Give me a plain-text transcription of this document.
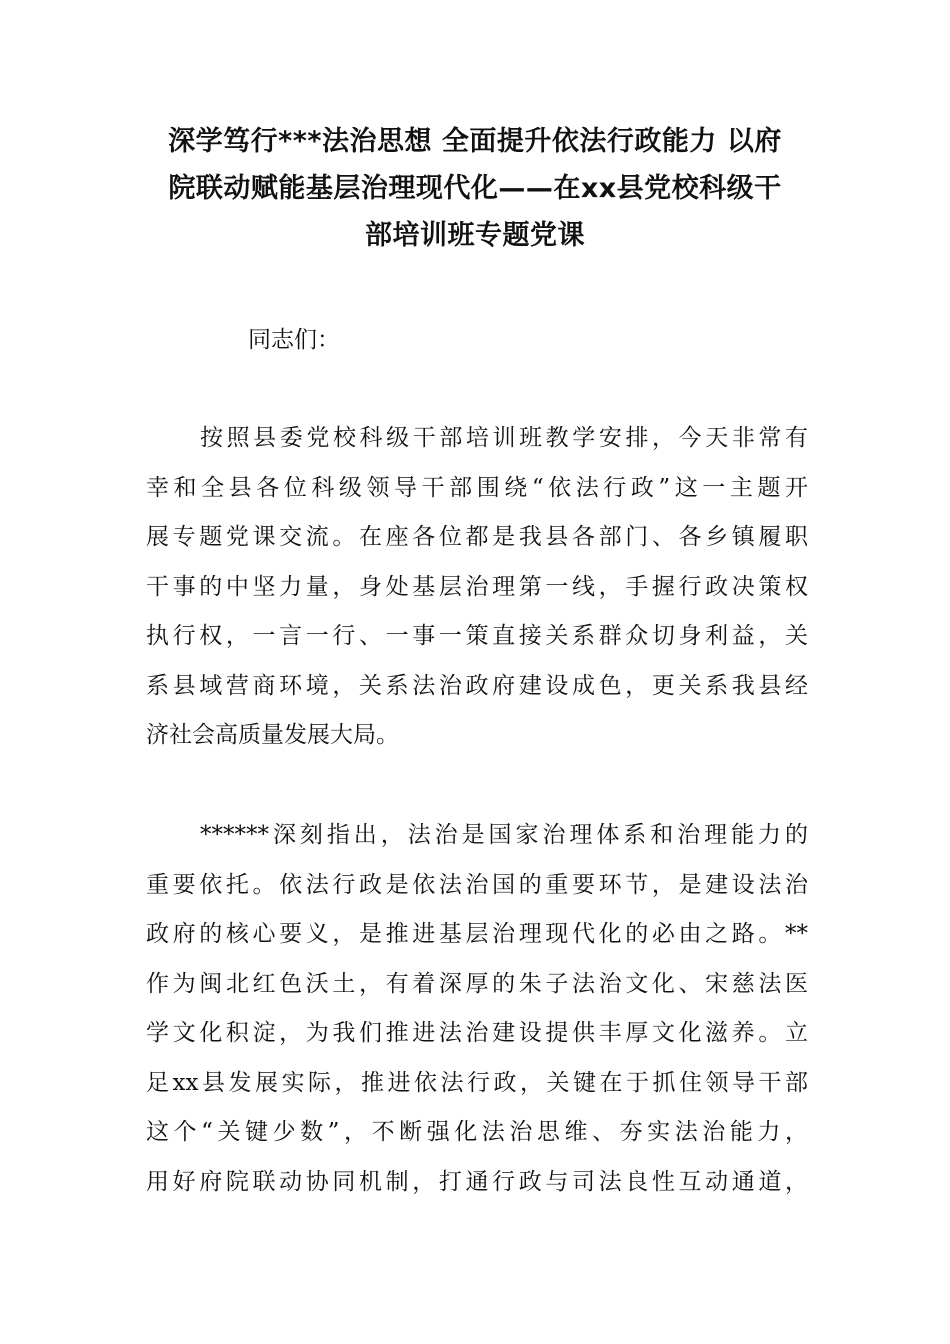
深学笃行***法治思想 全面提升依法行政能力 以府
院联动赋能基层治理现代化——在xx县党校科级干
部培训班专题党课

同志们：

按照县委党校科级干部培训班教学安排，今天非常有
幸和全县各位科级领导干部围绕“依法行政”这一主题开
展专题党课交流。在座各位都是我县各部门、各乡镇履职
干事的中坚力量，身处基层治理第一线，手握行政决策权
执行权，一言一行、一事一策直接关系群众切身利益，关
系县域营商环境，关系法治政府建设成色，更关系我县经
济社会高质量发展大局。
******深刻指出，法治是国家治理体系和治理能力的
重要依托。依法行政是依法治国的重要环节，是建设法治
政府的核心要义，是推进基层治理现代化的必由之路。**
作为闽北红色沃土，有着深厚的朱子法治文化、宋慈法医
学文化积淀，为我们推进法治建设提供丰厚文化滋养。立
足xx县发展实际，推进依法行政，关键在于抓住领导干部
这个“关键少数”，不断强化法治思维、夯实法治能力，
用好府院联动协同机制，打通行政与司法良性互动通道，
